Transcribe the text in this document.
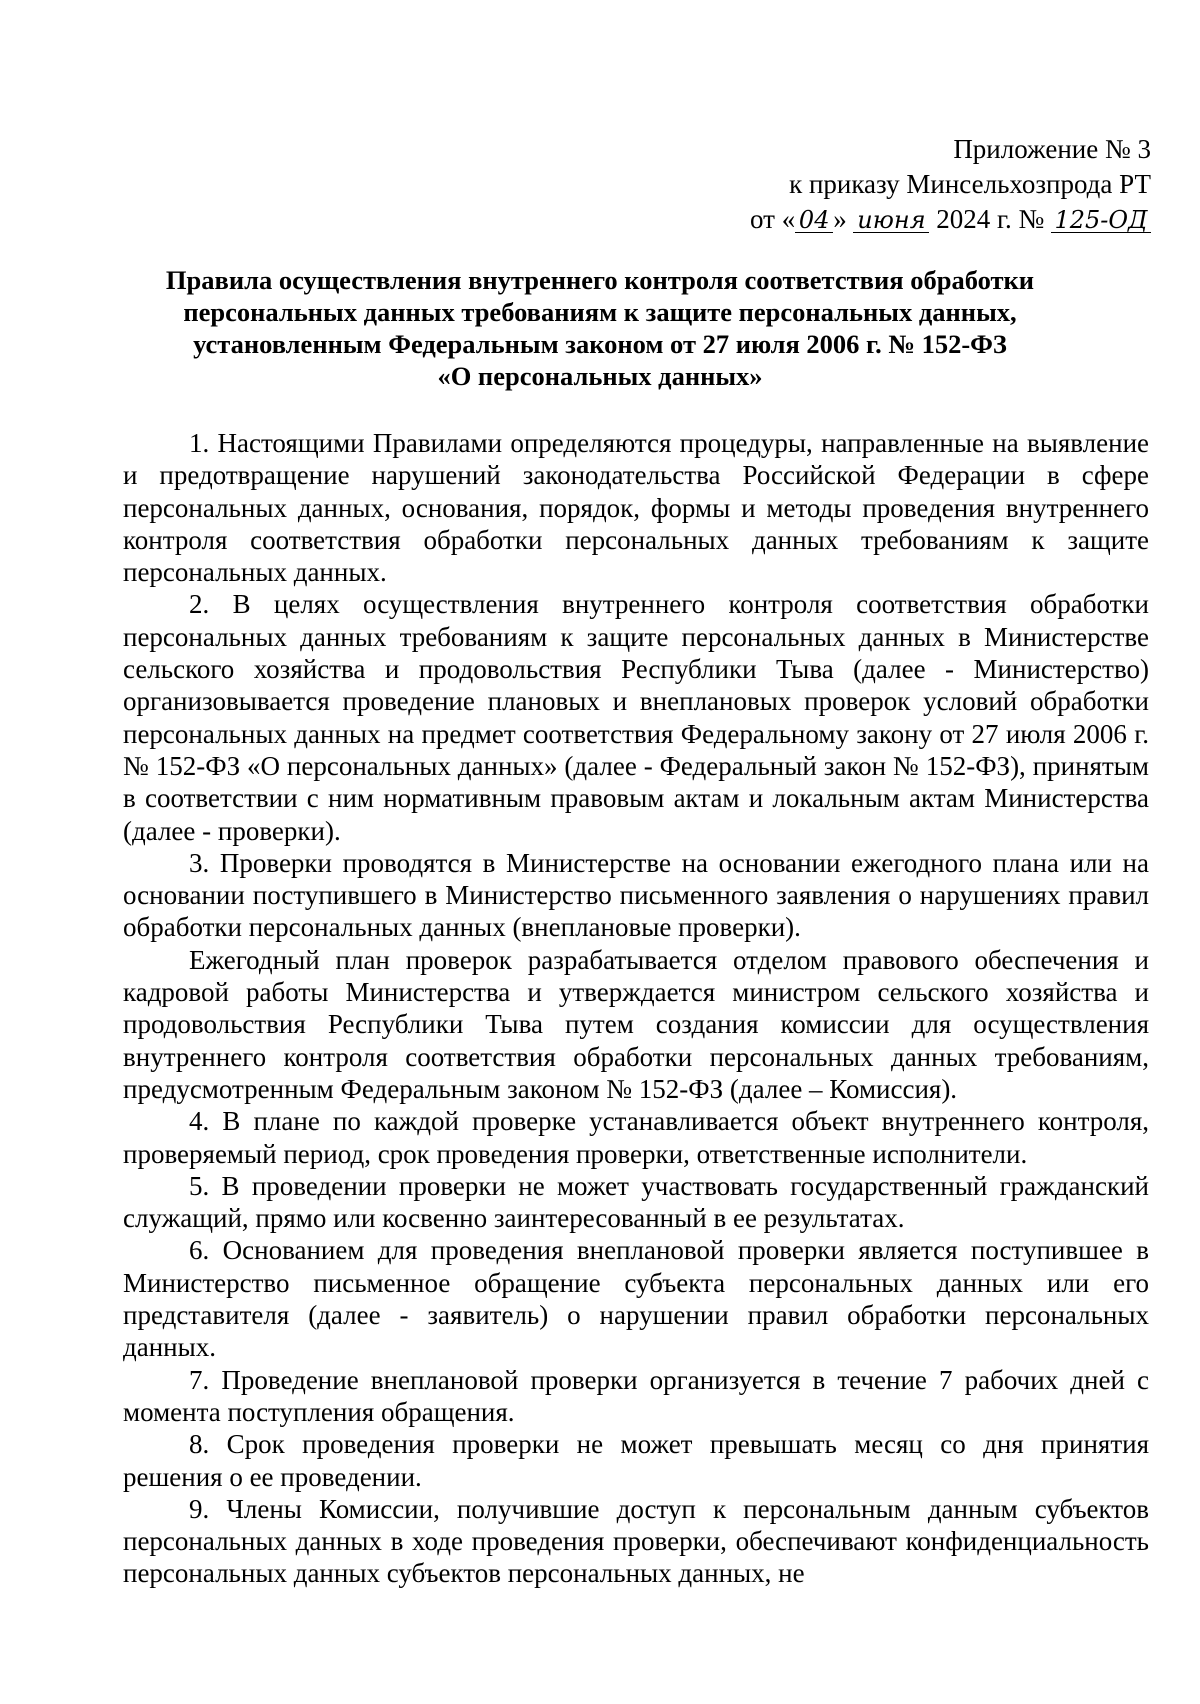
Приложение № 3
к приказу Минсельхозпрода РТ
от « 04 » июня 2024 г. № 125-ОД
Правила осуществления внутреннего контроля соответствия обработки
персональных данных требованиям к защите персональных данных,
установленным Федеральным законом от 27 июля 2006 г. № 152-ФЗ
«О персональных данных»

1. Настоящими Правилами определяются процедуры, направленные на выявление и предотвращение нарушений законодательства Российской Федерации в сфере персональных данных, основания, порядок, формы и методы проведения внутреннего контроля соответствия обработки персональных данных требованиям к защите персональных данных.

2. В целях осуществления внутреннего контроля соответствия обработки персональных данных требованиям к защите персональных данных в Министерстве сельского хозяйства и продовольствия Республики Тыва (далее - Министерство) организовывается проведение плановых и внеплановых проверок условий обработки персональных данных на предмет соответствия Федеральному закону от 27 июля 2006 г. № 152-ФЗ «О персональных данных» (далее - Федеральный закон № 152-ФЗ), принятым в соответствии с ним нормативным правовым актам и локальным актам Министерства (далее - проверки).

3. Проверки проводятся в Министерстве на основании ежегодного плана или на основании поступившего в Министерство письменного заявления о нарушениях правил обработки персональных данных (внеплановые проверки).

Ежегодный план проверок разрабатывается отделом правового обеспечения и кадровой работы Министерства и утверждается министром сельского хозяйства и продовольствия Республики Тыва путем создания комиссии для осуществления внутреннего контроля соответствия обработки персональных данных требованиям, предусмотренным Федеральным законом № 152-ФЗ (далее – Комиссия).

4. В плане по каждой проверке устанавливается объект внутреннего контроля, проверяемый период, срок проведения проверки, ответственные исполнители.

5. В проведении проверки не может участвовать государственный гражданский служащий, прямо или косвенно заинтересованный в ее результатах.

6. Основанием для проведения внеплановой проверки является поступившее в Министерство письменное обращение субъекта персональных данных или его представителя (далее - заявитель) о нарушении правил обработки персональных данных.

7. Проведение внеплановой проверки организуется в течение 7 рабочих дней с момента поступления обращения.

8. Срок проведения проверки не может превышать месяц со дня принятия решения о ее проведении.

9. Члены Комиссии, получившие доступ к персональным данным субъектов персональных данных в ходе проведения проверки, обеспечивают конфиденциальность персональных данных субъектов персональных данных, не
